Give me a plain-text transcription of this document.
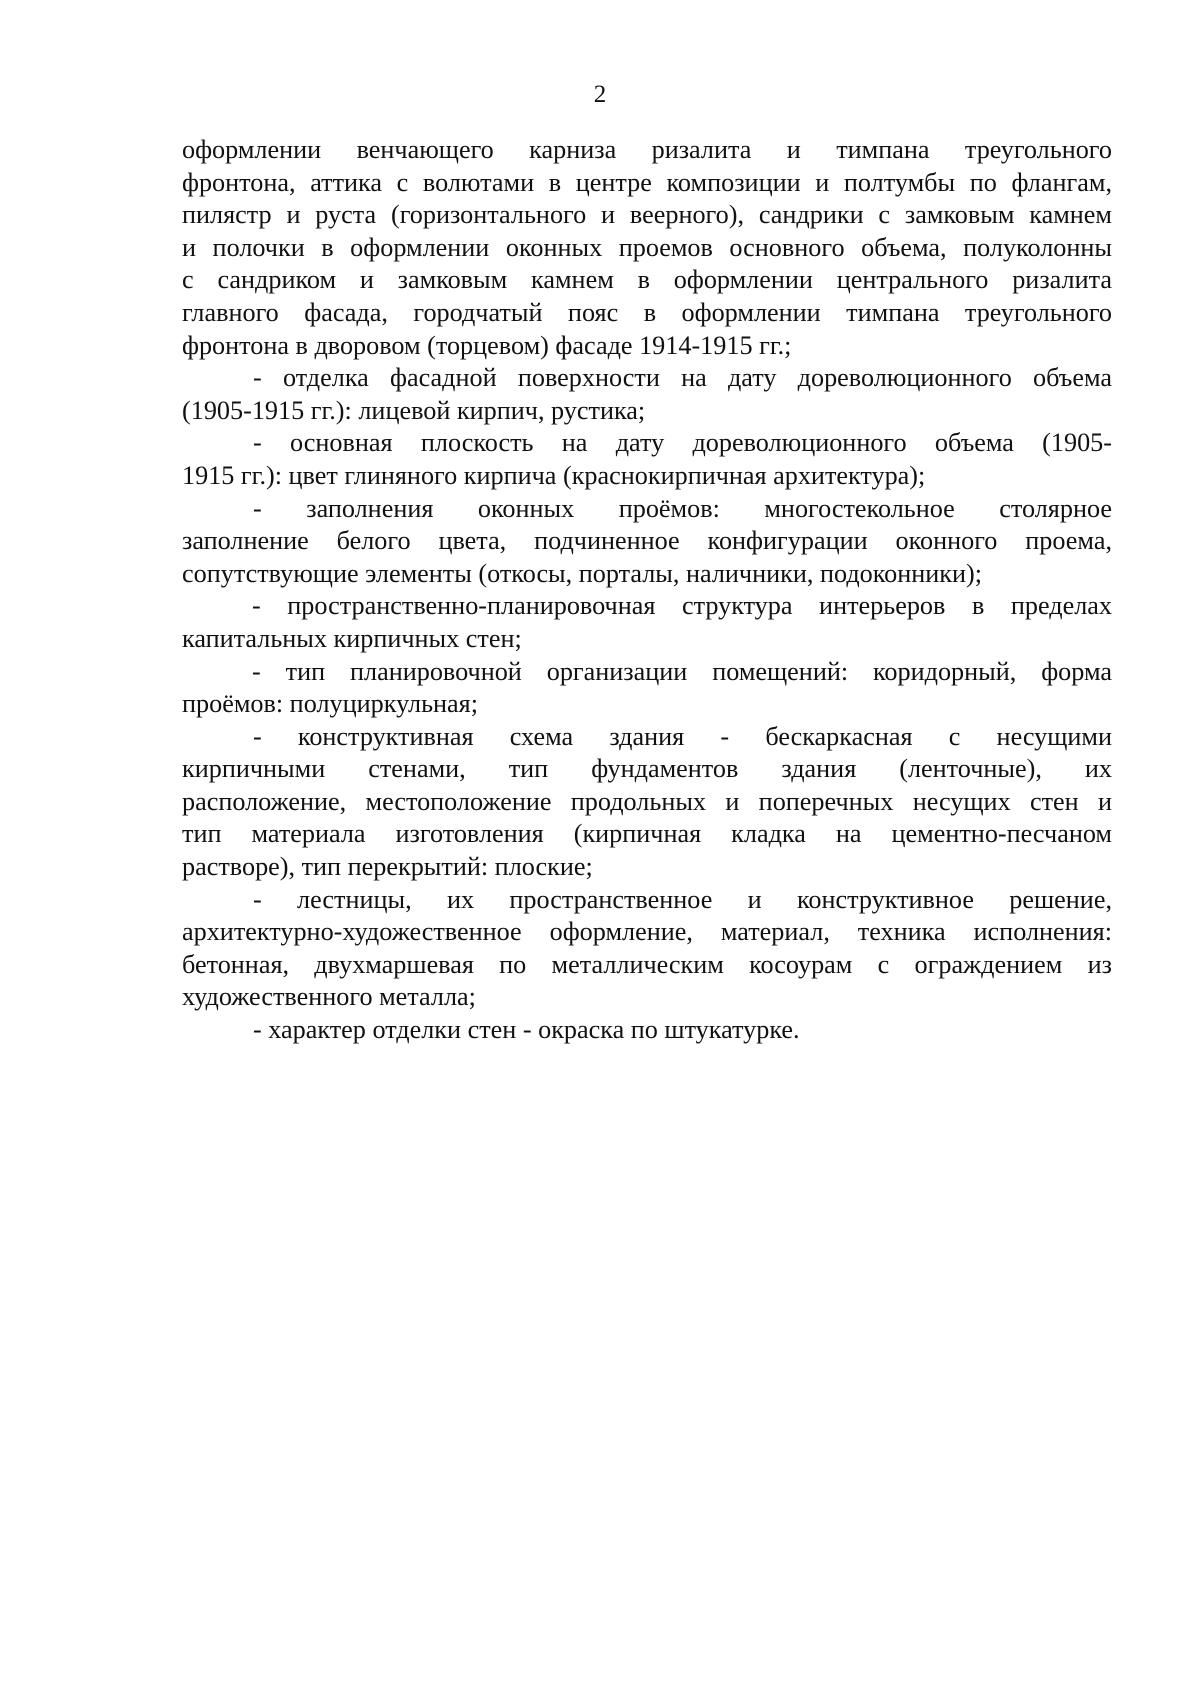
2
оформлении венчающего карниза ризалита и тимпана треугольного
фронтона, аттика с волютами в центре композиции и полтумбы по флангам,
пилястр и руста (горизонтального и веерного), сандрики с замковым камнем
и полочки в оформлении оконных проемов основного объема, полуколонны
с сандриком и замковым камнем в оформлении центрального ризалита
главного фасада, городчатый пояс в оформлении тимпана треугольного
фронтона в дворовом (торцевом) фасаде 1914-1915 гг.;
- отделка фасадной поверхности на дату дореволюционного объема
(1905-1915 гг.): лицевой кирпич, рустика;
- основная плоскость на дату дореволюционного объема (1905-
1915 гг.): цвет глиняного кирпича (краснокирпичная архитектура);
- заполнения оконных проёмов: многостекольное столярное
заполнение белого цвета, подчиненное конфигурации оконного проема,
сопутствующие элементы (откосы, порталы, наличники, подоконники);
- пространственно-планировочная структура интерьеров в пределах
капитальных кирпичных стен;
- тип планировочной организации помещений: коридорный, форма
проёмов: полуциркульная;
- конструктивная схема здания - бескаркасная с несущими
кирпичными стенами, тип фундаментов здания (ленточные), их
расположение, местоположение продольных и поперечных несущих стен и
тип материала изготовления (кирпичная кладка на цементно-песчаном
растворе), тип перекрытий: плоские;
- лестницы, их пространственное и конструктивное решение,
архитектурно-художественное оформление, материал, техника исполнения:
бетонная, двухмаршевая по металлическим косоурам с ограждением из
художественного металла;
- характер отделки стен - окраска по штукатурке.
